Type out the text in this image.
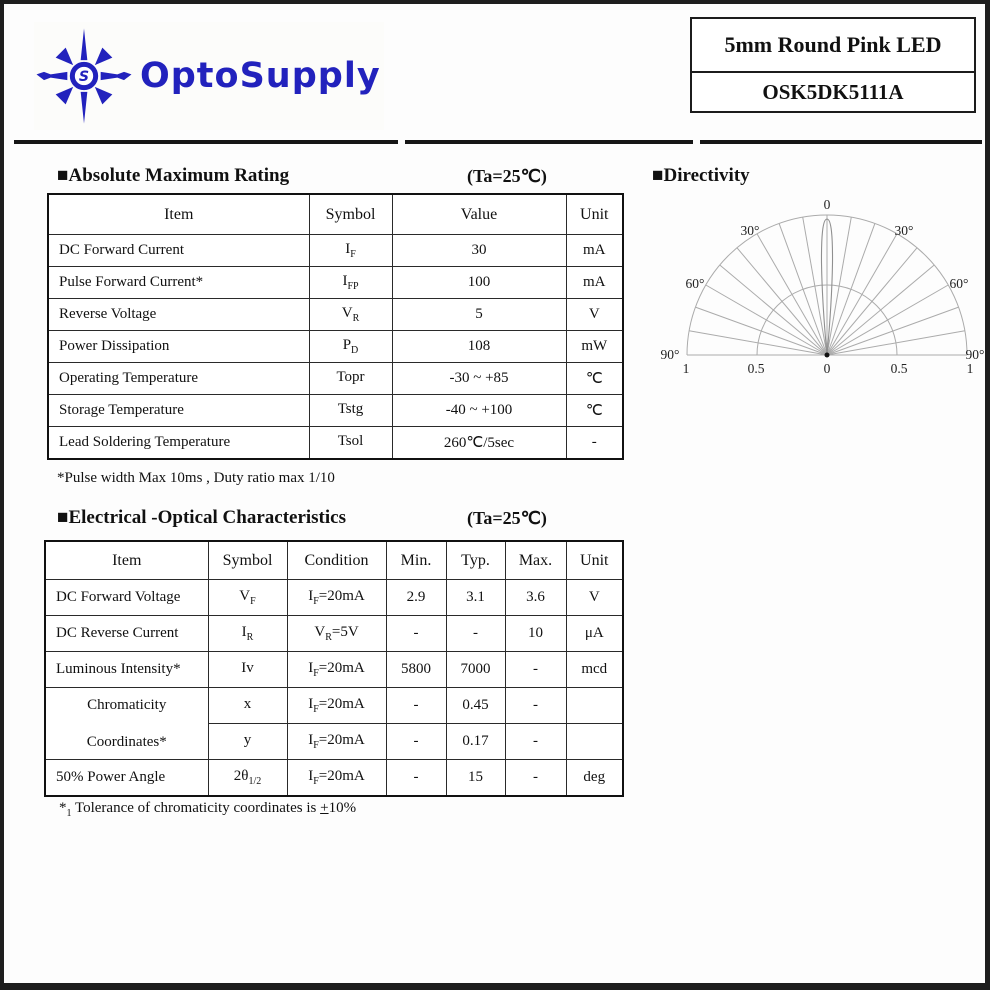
S OptoSupply
5mm Round Pink LED
OSK5DK5111A
■Absolute Maximum Rating	(Ta=25℃)
Item	Symbol	Value	Unit
DC Forward Current	$I_F$	30	mA
Pulse Forward Current*	$I_{FP}$	100	mA
Reverse Voltage	$V_R$	5	V
Power Dissipation	$P_D$	108	mW
Operating Temperature	Topr	-30 ~ +85	℃
Storage Temperature	Tstg	-40 ~ +100	℃
Lead Soldering Temperature	Tsol	260℃/5sec	-
*Pulse width Max 10ms , Duty ratio max 1/10
■Directivity
0
30°	30°
60°	60°
90°	90°
1	0.5	0	0.5	1
■Electrical -Optical Characteristics	(Ta=25℃)
Item	Symbol	Condition	Min.	Typ.	Max.	Unit
DC Forward Voltage	$V_F$	$I_F=20mA$	2.9	3.1	3.6	V
DC Reverse Current	$I_R$	$V_R=5V$	-	-	10	μA
Luminous Intensity*	Iv	$I_F=20mA$	5800	7000	-	mcd

Chromaticity
Coordinates*	x	$I_F=20mA$	-	0.45	-	
	y	$I_F=20mA$	-	0.17	-	
50% Power Angle	$2\theta_{1/2}$	$I_F=20mA$	-	15	-	deg
$*_1$ Tolerance of chromaticity coordinates is +10%
